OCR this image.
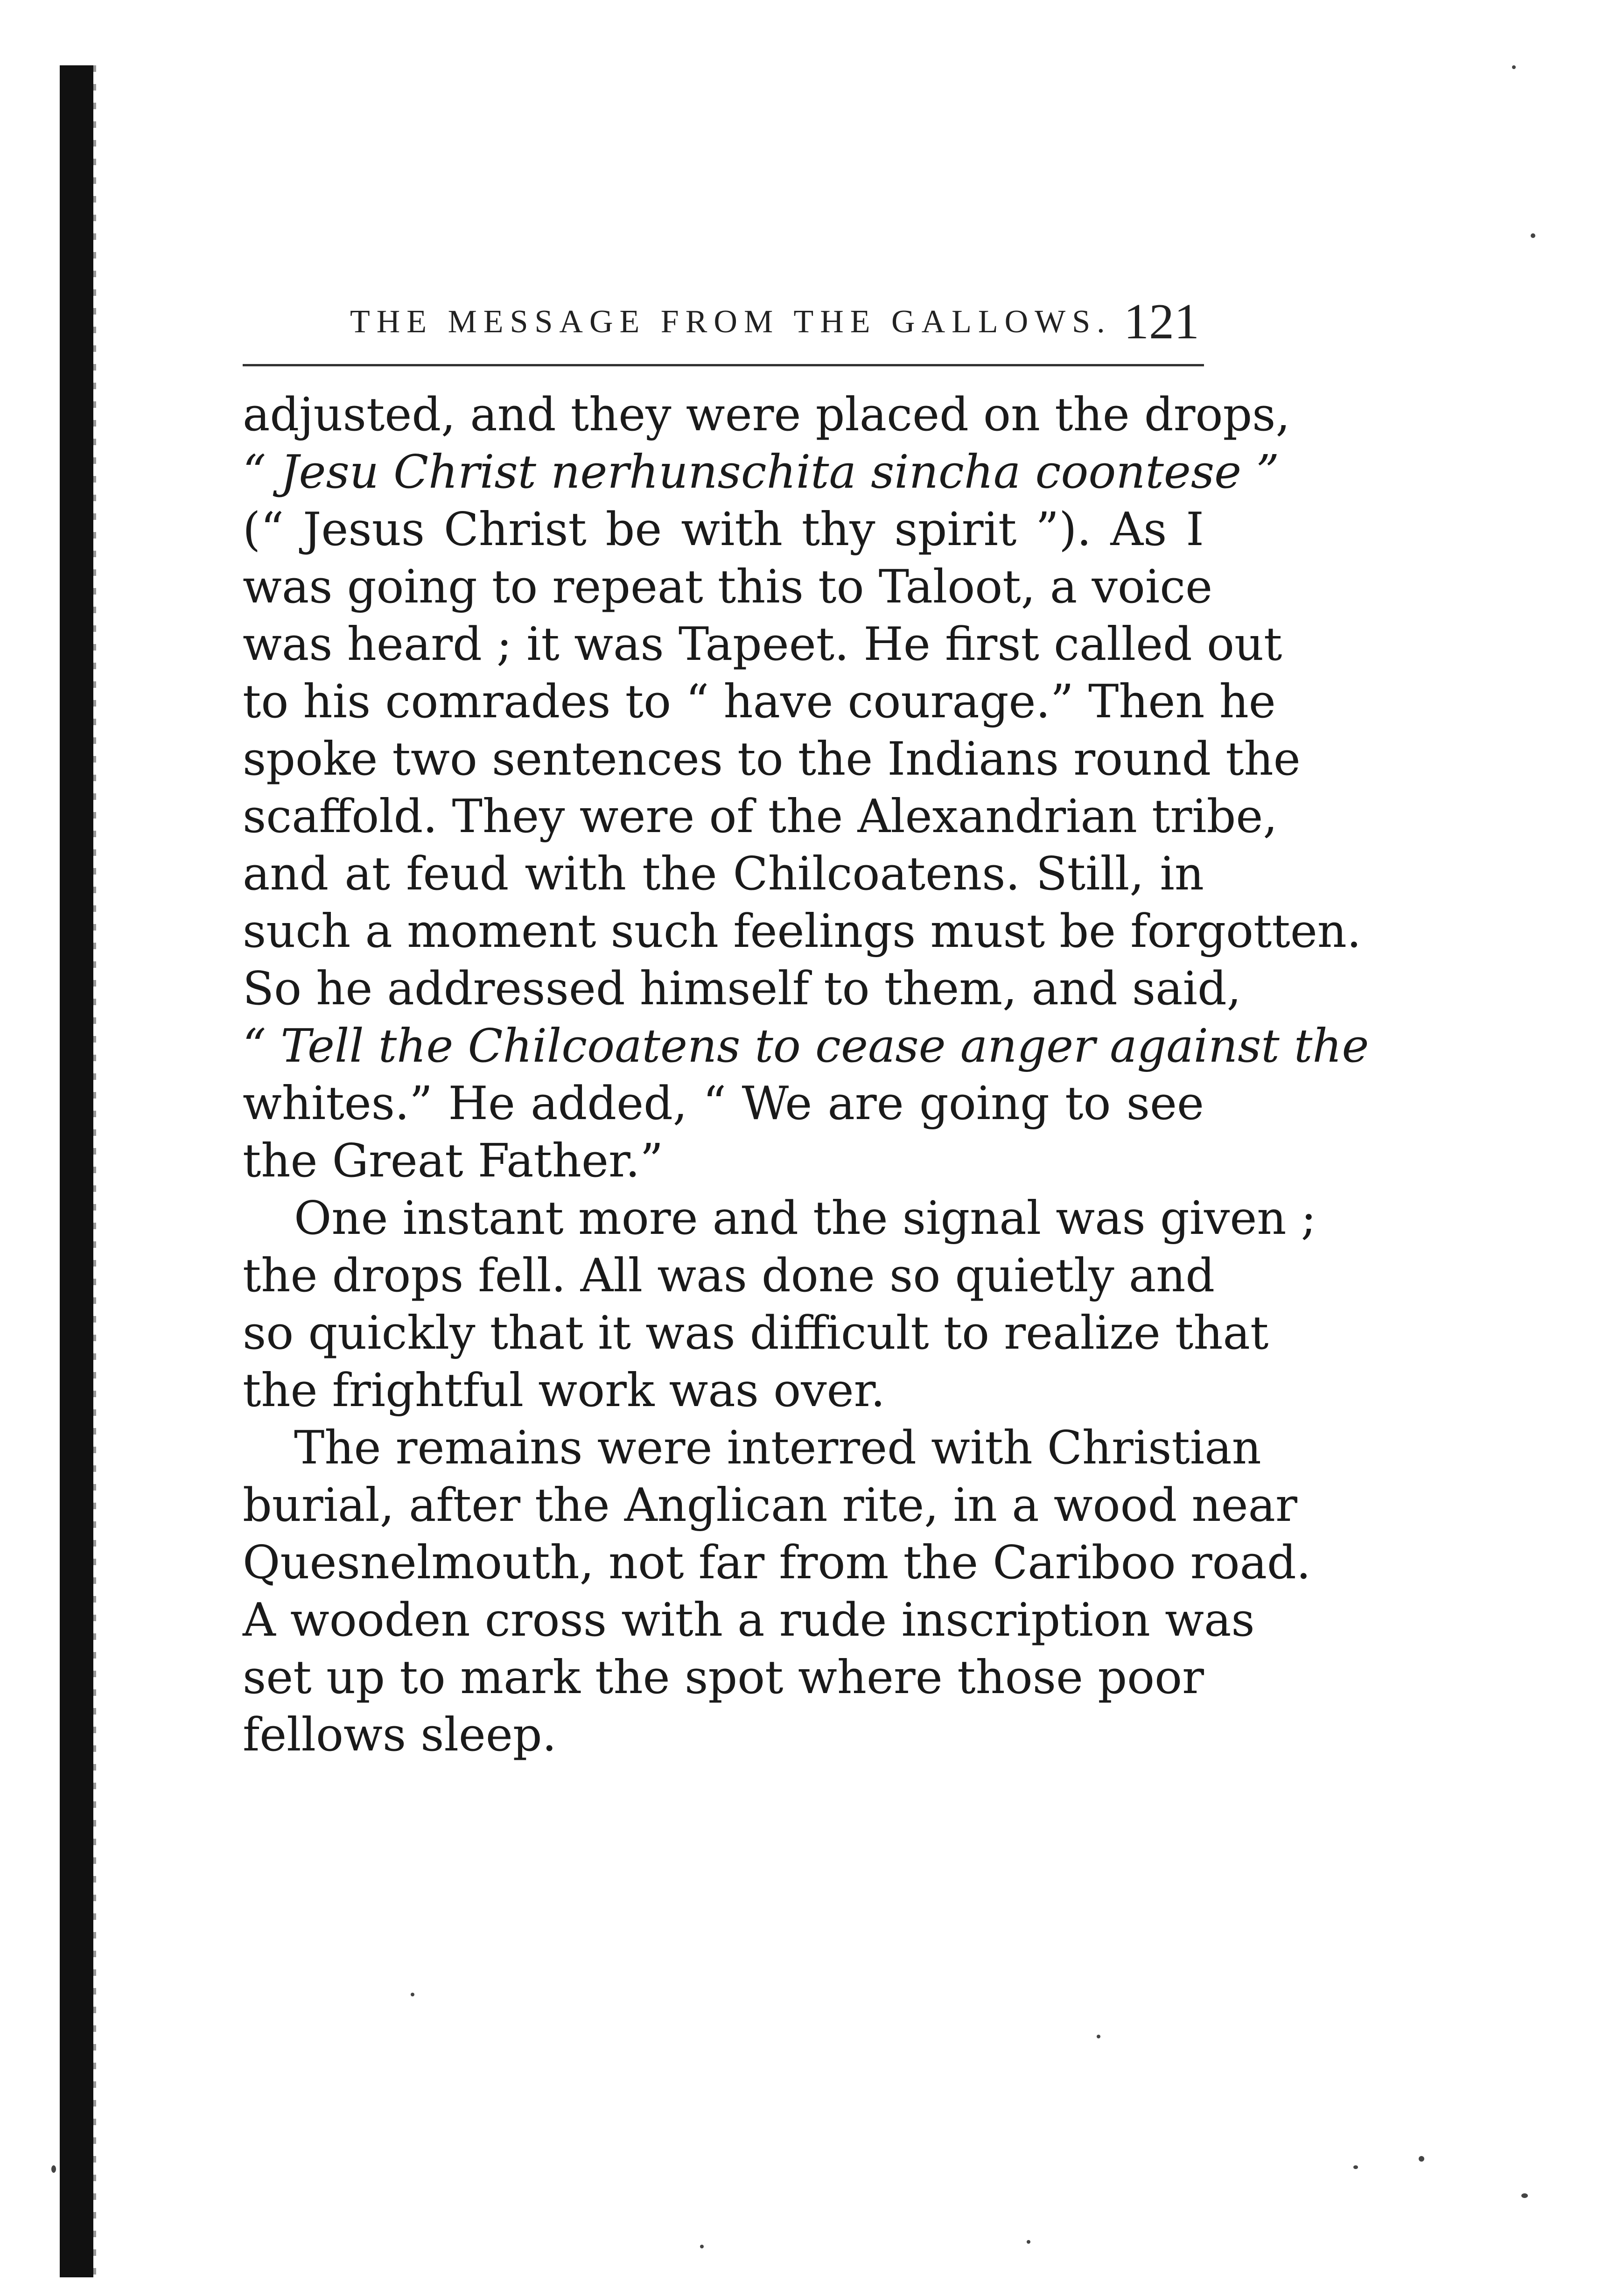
THE MESSAGE FROM THE GALLOWS. 121
adjusted, and they were placed on the drops,
“ Jesu Christ nerhunschita sincha coontese ”
(“ Jesus Christ be with thy spirit ”). As I
was going to repeat this to Taloot, a voice
was heard ; it was Tapeet. He first called out
to his comrades to “ have courage.” Then he
spoke two sentences to the Indians round the
scaffold. They were of the Alexandrian tribe,
and at feud with the Chilcoatens. Still, in
such a moment such feelings must be forgotten.
So he addressed himself to them, and said,
“ Tell the Chilcoatens to cease anger against the
whites.” He added, “ We are going to see
the Great Father.”
One instant more and the signal was given ;
the drops fell. All was done so quietly and
so quickly that it was difficult to realize that
the frightful work was over.
The remains were interred with Christian
burial, after the Anglican rite, in a wood near
Quesnelmouth, not far from the Cariboo road.
A wooden cross with a rude inscription was
set up to mark the spot where those poor
fellows sleep.
